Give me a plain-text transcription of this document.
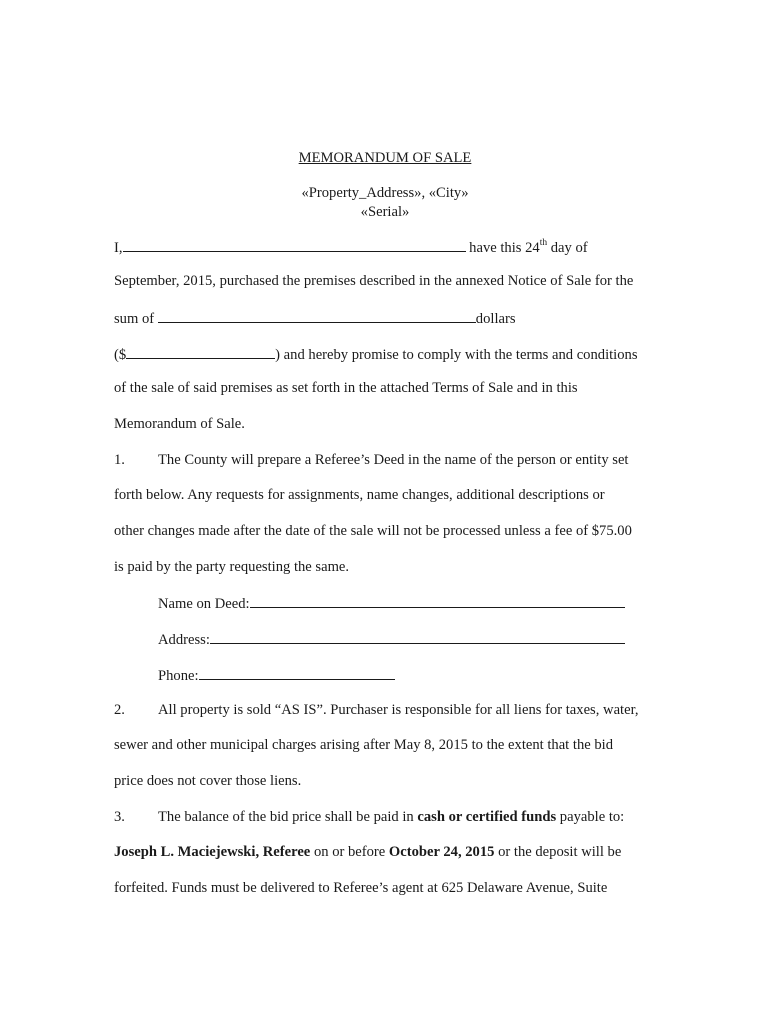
MEMORANDUM OF SALE
«Property_Address», «City»
«Serial»
I,	have this 24th day of
September, 2015, purchased the premises described in the annexed Notice of Sale for the
sum of	dollars
($	) and hereby promise to comply with the terms and conditions
of the sale of said premises as set forth in the attached Terms of Sale and in this
Memorandum of Sale.
1. The County will prepare a Referee’s Deed in the name of the person or entity set
forth below. Any requests for assignments, name changes, additional descriptions or
other changes made after the date of the sale will not be processed unless a fee of $75.00
is paid by the party requesting the same.
Name on Deed:
Address:
Phone:
2. All property is sold “AS IS”. Purchaser is responsible for all liens for taxes, water,
sewer and other municipal charges arising after May 8, 2015 to the extent that the bid
price does not cover those liens.
3. The balance of the bid price shall be paid in cash or certified funds payable to:
Joseph L. Maciejewski, Referee on or before October 24, 2015 or the deposit will be
forfeited. Funds must be delivered to Referee’s agent at 625 Delaware Avenue, Suite
